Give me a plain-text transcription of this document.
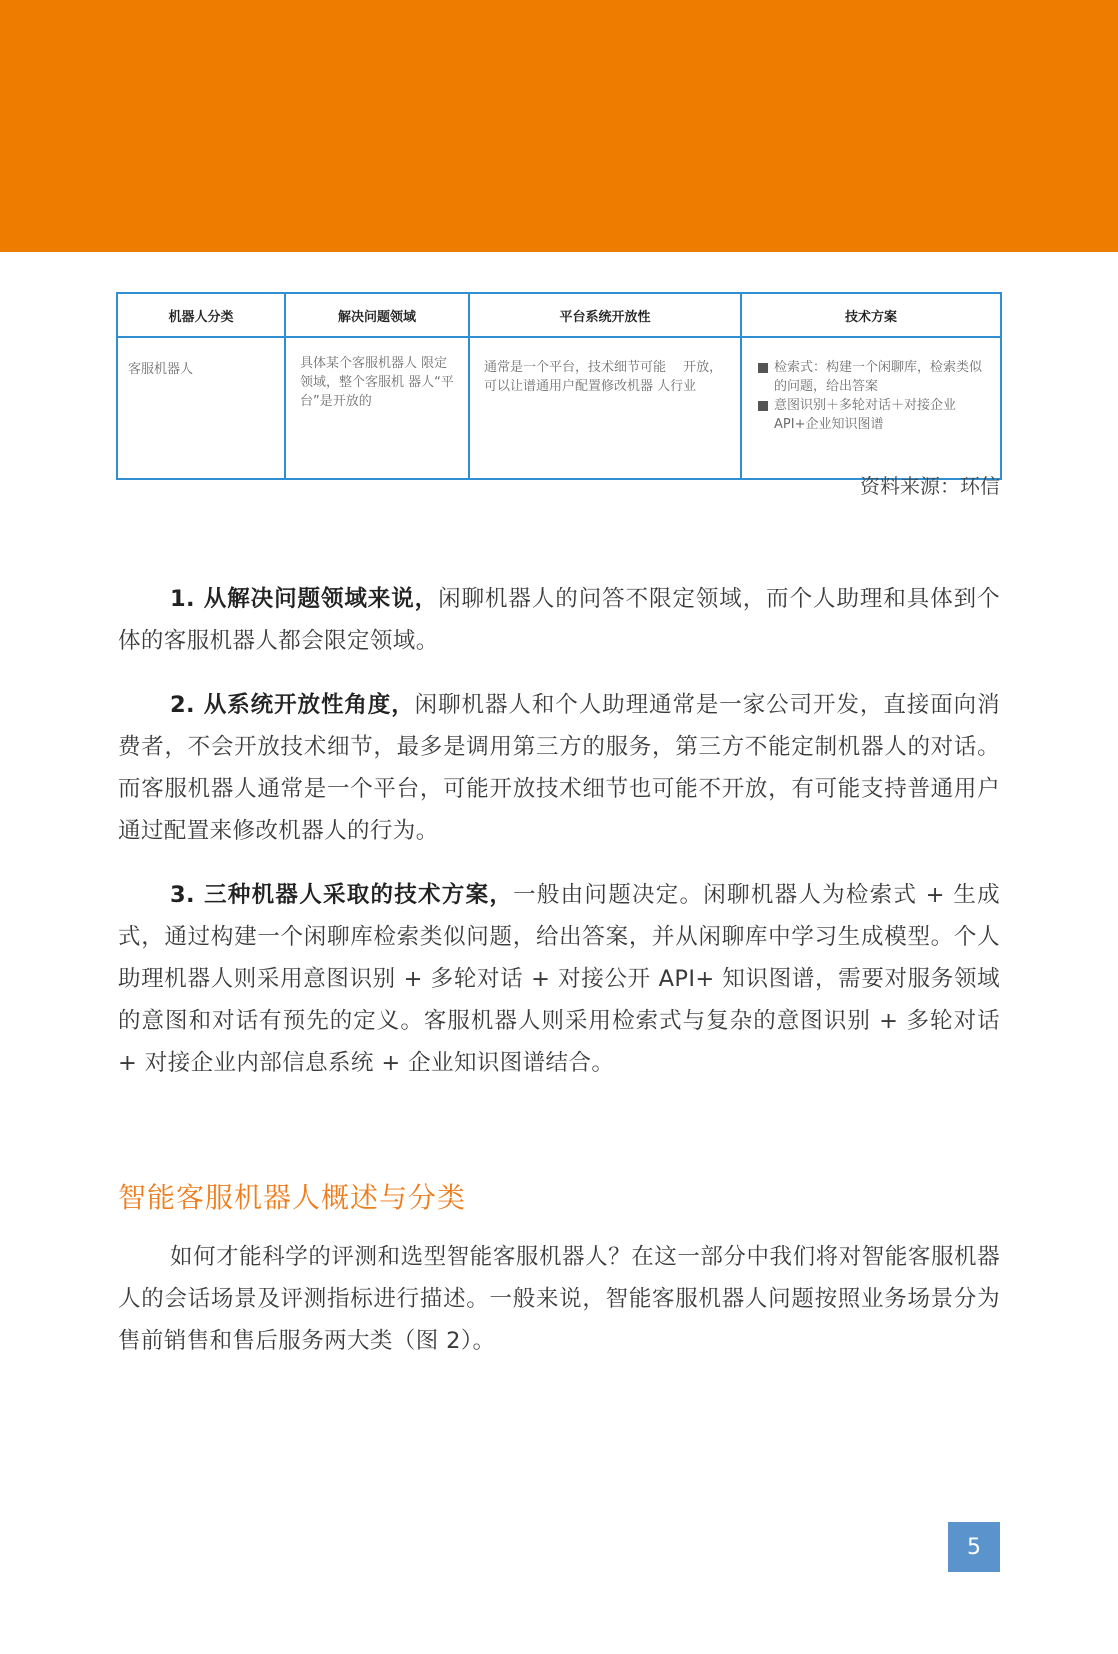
机器人分类	解决问题领域	平台系统开放性	技术方案
客服机器人	具体某个客服机器人 限定领域，整个客服机 器人“平台”是开放的	通常是一个平台，技术细节可能　 开放，可以让谱通用户配置修改机器 人行业	检索式：构建一个闲聊库，检索类似的问题，给出答案
意图识别＋多轮对话＋对接企业API+企业知识图谱
资料来源：环信

1. 从解决问题领域来说，闲聊机器人的问答不限定领域，而个人助理和具体到个体的客服机器人都会限定领域。

2. 从系统开放性角度，闲聊机器人和个人助理通常是一家公司开发，直接面向消费者，不会开放技术细节，最多是调用第三方的服务，第三方不能定制机器人的对话。而客服机器人通常是一个平台，可能开放技术细节也可能不开放，有可能支持普通用户通过配置来修改机器人的行为。

3. 三种机器人采取的技术方案，一般由问题决定。闲聊机器人为检索式 + 生成式，通过构建一个闲聊库检索类似问题，给出答案，并从闲聊库中学习生成模型。个人助理机器人则采用意图识别 + 多轮对话 + 对接公开 API+ 知识图谱，需要对服务领域的意图和对话有预先的定义。客服机器人则采用检索式与复杂的意图识别 + 多轮对话 + 对接企业内部信息系统 + 企业知识图谱结合。

智能客服机器人概述与分类

如何才能科学的评测和选型智能客服机器人？在这一部分中我们将对智能客服机器人的会话场景及评测指标进行描述。一般来说，智能客服机器人问题按照业务场景分为售前销售和售后服务两大类（图 2）。

5
